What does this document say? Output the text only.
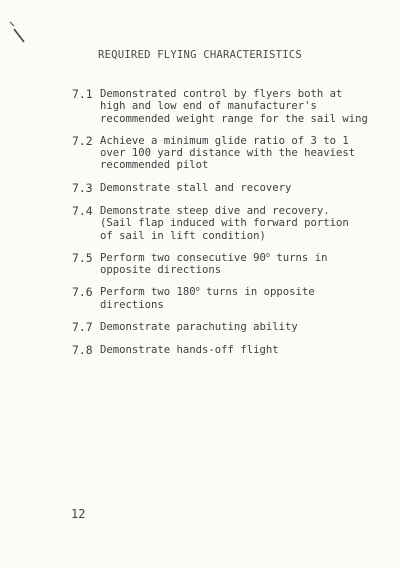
REQUIRED FLYING CHARACTERISTICS
7.1 Demonstrated control by flyers both at
high and low end of manufacturer's
recommended weight range for the sail wing
7.2 Achieve a minimum glide ratio of 3 to 1
over 100 yard distance with the heaviest
recommended pilot
7.3 Demonstrate stall and recovery
7.4 Demonstrate steep dive and recovery.
(Sail flap induced with forward portion
of sail in lift condition)
7.5 Perform two consecutive 90$^o$ turns in
opposite directions
7.6 Perform two 180$^o$ turns in opposite
directions
7.7 Demonstrate parachuting ability
7.8 Demonstrate hands-off flight
12
